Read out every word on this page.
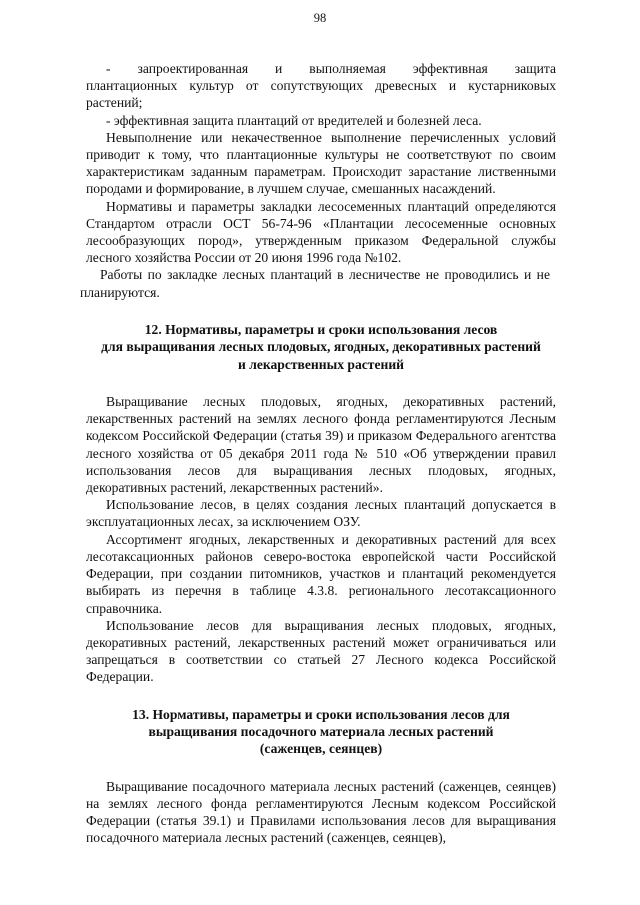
98

-       запроектированная       и       выполняемая       эффективная       защита плантационных культур от сопутствующих древесных и кустарниковых растений;

- эффективная защита плантаций от вредителей и болезней леса.

Невыполнение или некачественное выполнение перечисленных условий приводит к тому, что плантационные культуры не соответствуют по своим характеристикам заданным параметрам. Происходит зарастание лиственными породами и формирование, в лучшем случае, смешанных насаждений.

Нормативы и параметры закладки лесосеменных плантаций определяются Стандартом отрасли ОСТ 56-74-96 «Плантации лесосеменные основных лесообразующих пород», утвержденным приказом Федеральной службы лесного хозяйства России от 20 июня 1996 года №102.

Работы по закладке лесных плантаций в лесничестве не проводились и не планируются.

12. Нормативы, параметры и сроки использования лесов
для выращивания лесных плодовых, ягодных, декоративных растений
и лекарственных растений

Выращивание лесных плодовых, ягодных, декоративных растений, лекарственных растений на землях лесного фонда регламентируются Лесным кодексом Российской Федерации (статья 39) и приказом Федерального агентства лесного хозяйства от 05 декабря 2011 года № 510 «Об утверждении правил использования лесов для выращивания лесных плодовых, ягодных, декоративных растений, лекарственных растений».

Использование лесов, в целях создания лесных плантаций допускается в эксплуатационных лесах, за исключением ОЗУ.

Ассортимент ягодных, лекарственных и декоративных растений для всех лесотаксационных районов северо-востока европейской части Российской Федерации, при создании питомников, участков и плантаций рекомендуется выбирать из перечня в таблице 4.3.8. регионального лесотаксационного справочника.

Использование лесов для выращивания лесных плодовых, ягодных, декоративных растений, лекарственных растений может ограничиваться или запрещаться в соответствии со статьей 27 Лесного кодекса Российской Федерации.

13. Нормативы, параметры и сроки использования лесов для
выращивания посадочного материала лесных растений
(саженцев, сеянцев)

Выращивание посадочного материала лесных растений (саженцев, сеянцев) на землях лесного фонда регламентируются Лесным кодексом Российской Федерации (статья 39.1) и Правилами использования лесов для выращивания посадочного материала лесных растений (саженцев, сеянцев),
